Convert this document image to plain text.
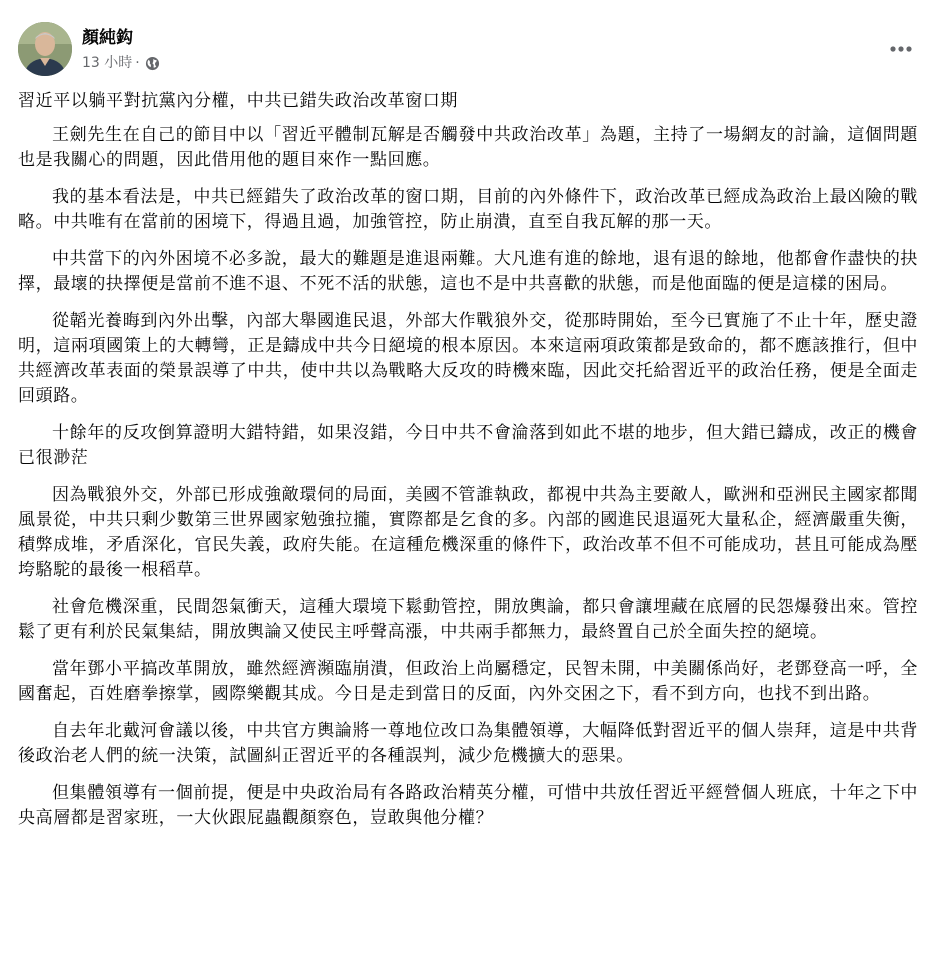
顏純鈎
13 小時 ·
習近平以躺平對抗黨內分權，中共已錯失政治改革窗口期

王劍先生在自己的節目中以「習近平體制瓦解是否觸發中共政治改革」為題，主持了一場網友的討論，這個問題也是我關心的問題，因此借用他的題目來作一點回應。

我的基本看法是，中共已經錯失了政治改革的窗口期，目前的內外條件下，政治改革已經成為政治上最凶險的戰略。中共唯有在當前的困境下，得過且過，加強管控，防止崩潰，直至自我瓦解的那一天。

中共當下的內外困境不必多說，最大的難題是進退兩難。大凡進有進的餘地，退有退的餘地，他都會作盡快的抉擇，最壞的抉擇便是當前不進不退、不死不活的狀態，這也不是中共喜歡的狀態，而是他面臨的便是這樣的困局。

從韜光養晦到內外出擊，內部大舉國進民退，外部大作戰狼外交，從那時開始，至今已實施了不止十年，歷史證明，這兩項國策上的大轉彎，正是鑄成中共今日絕境的根本原因。本來這兩項政策都是致命的，都不應該推行，但中共經濟改革表面的榮景誤導了中共，使中共以為戰略大反攻的時機來臨，因此交托給習近平的政治任務，便是全面走回頭路。

十餘年的反攻倒算證明大錯特錯，如果沒錯，今日中共不會淪落到如此不堪的地步，但大錯已鑄成，改正的機會已很渺茫

因為戰狼外交，外部已形成強敵環伺的局面，美國不管誰執政，都視中共為主要敵人，歐洲和亞洲民主國家都聞風景從，中共只剩少數第三世界國家勉強拉攏，實際都是乞食的多。內部的國進民退逼死大量私企，經濟嚴重失衡，積弊成堆，矛盾深化，官民失義，政府失能。在這種危機深重的條件下，政治改革不但不可能成功，甚且可能成為壓垮駱駝的最後一根稻草。

社會危機深重，民間怨氣衝天，這種大環境下鬆動管控，開放輿論，都只會讓埋藏在底層的民怨爆發出來。管控鬆了更有利於民氣集結，開放輿論又使民主呼聲高漲，中共兩手都無力，最終置自己於全面失控的絕境。

當年鄧小平搞改革開放，雖然經濟瀕臨崩潰，但政治上尚屬穩定，民智未開，中美關係尚好，老鄧登高一呼，全國奮起，百姓磨拳擦掌，國際樂觀其成。今日是走到當日的反面，內外交困之下，看不到方向，也找不到出路。

自去年北戴河會議以後，中共官方輿論將一尊地位改口為集體領導，大幅降低對習近平的個人崇拜，這是中共背後政治老人們的統一決策，試圖糾正習近平的各種誤判，減少危機擴大的惡果。

但集體領導有一個前提，便是中央政治局有各路政治精英分權，可惜中共放任習近平經營個人班底，十年之下中央高層都是習家班，一大伙跟屁蟲觀顏察色，豈敢與他分權？
